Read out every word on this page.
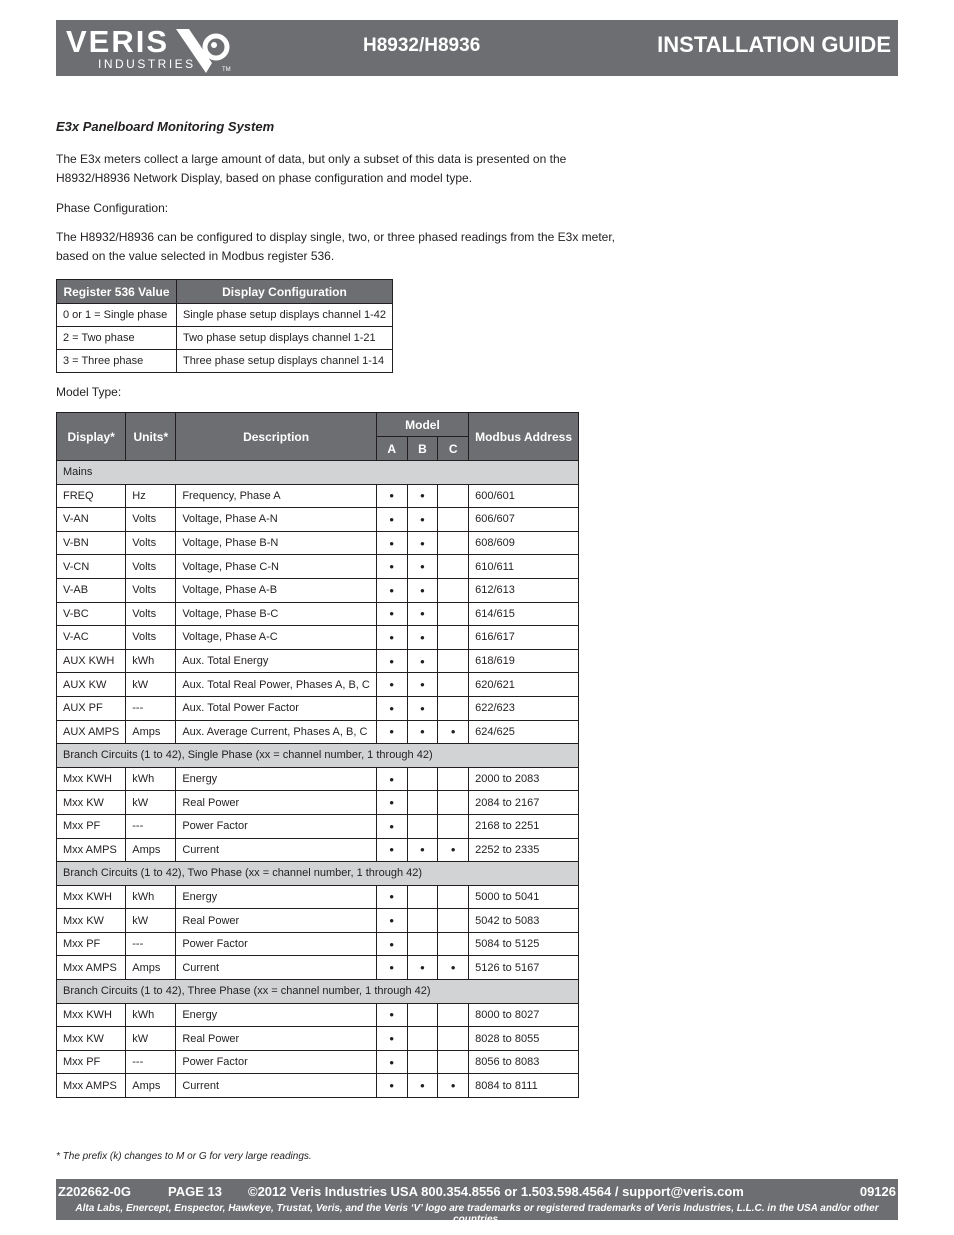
VERIS
INDUSTRIES	TM
H8932/H8936	INSTALLATION GUIDE
E3x Panelboard Monitoring System
The E3x meters collect a large amount of data, but only a subset of this data is presented on the H8932/H8936 Network Display, based on phase configuration and model type.
Phase Configuration:
The H8932/H8936 can be configured to display single, two, or three phased readings from the E3x meter, based on the value selected in Modbus register 536.
Register 536 Value	Display Configuration
0 or 1 = Single phase	Single phase setup displays channel 1-42
2 = Two phase	Two phase setup displays channel 1-21
3 = Three phase	Three phase setup displays channel 1-14
Model Type:
Display*	Units*	Description	Model			Modbus Address
			A	B	C	
Mains						
FREQ	Hz	Frequency, Phase A	•	•		600/601
V-AN	Volts	Voltage, Phase A-N	•	•		606/607
V-BN	Volts	Voltage, Phase B-N	•	•		608/609
V-CN	Volts	Voltage, Phase C-N	•	•		610/611
V-AB	Volts	Voltage, Phase A-B	•	•		612/613
V-BC	Volts	Voltage, Phase B-C	•	•		614/615
V-AC	Volts	Voltage, Phase A-C	•	•		616/617
AUX KWH	kWh	Aux. Total Energy	•	•		618/619
AUX KW	kW	Aux. Total Real Power, Phases A, B, C	•	•		620/621
AUX PF	---	Aux. Total Power Factor	•	•		622/623
AUX AMPS	Amps	Aux. Average Current, Phases A, B, C	•	•	•	624/625
Branch Circuits (1 to 42), Single Phase (xx = channel number, 1 through 42)						
Mxx KWH	kWh	Energy	•			2000 to 2083
Mxx KW	kW	Real Power	•			2084 to 2167
Mxx PF	---	Power Factor	•			2168 to 2251
Mxx AMPS	Amps	Current	•	•	•	2252 to 2335
Branch Circuits (1 to 42), Two Phase (xx = channel number, 1 through 42)						
Mxx KWH	kWh	Energy	•			5000 to 5041
Mxx KW	kW	Real Power	•			5042 to 5083
Mxx PF	---	Power Factor	•			5084 to 5125
Mxx AMPS	Amps	Current	•	•	•	5126 to 5167
Branch Circuits (1 to 42), Three Phase (xx = channel number, 1 through 42)						
Mxx KWH	kWh	Energy	•			8000 to 8027
Mxx KW	kW	Real Power	•			8028 to 8055
Mxx PF	---	Power Factor	•			8056 to 8083
Mxx AMPS	Amps	Current	•	•	•	8084 to 8111
* The prefix (k) changes to M or G for very large readings.
Z202662-0G	PAGE 13 ©2012 Veris Industries USA 800.354.8556 or 1.503.598.4564 / support@veris.com	09126
Alta Labs, Enercept, Enspector, Hawkeye, Trustat, Veris, and the Veris ‘V’ logo are trademarks or registered trademarks of Veris Industries, L.L.C. in the USA and/or other countries.
